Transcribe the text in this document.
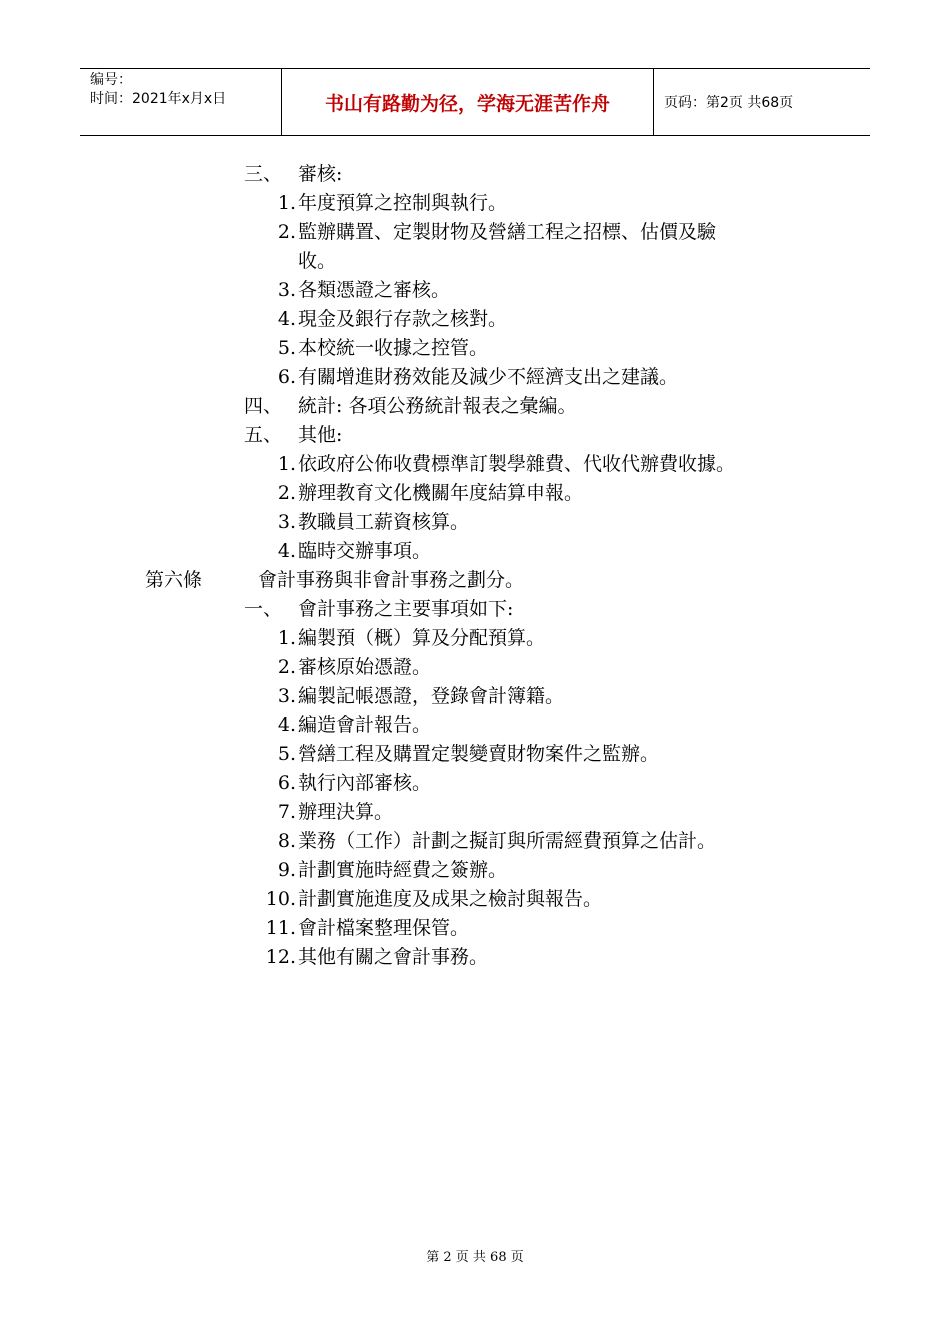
编号：
时间：2021年x月x日	书山有路勤为径，学海无涯苦作舟	页码：第2页 共68页
三、 審核:
1. 年度預算之控制與執行。
2. 監辦購置、定製財物及營繕工程之招標、估價及驗
收。
3. 各類憑證之審核。
4. 現金及銀行存款之核對。
5. 本校統一收據之控管。
6. 有關增進財務效能及減少不經濟支出之建議。
四、 統計: 各項公務統計報表之彙編。
五、 其他:
1. 依政府公佈收費標準訂製學雜費、代收代辦費收據。
2. 辦理教育文化機關年度結算申報。
3. 教職員工薪資核算。
4. 臨時交辦事項。
第六條	會計事務與非會計事務之劃分。
一、 會計事務之主要事項如下:
1. 編製預（概）算及分配預算。
2. 審核原始憑證。
3. 編製記帳憑證，登錄會計簿籍。
4. 編造會計報告。
5. 營繕工程及購置定製變賣財物案件之監辦。
6. 執行內部審核。
7. 辦理決算。
8. 業務（工作）計劃之擬訂與所需經費預算之估計。
9. 計劃實施時經費之簽辦。
10. 計劃實施進度及成果之檢討與報告。
11. 會計檔案整理保管。
12. 其他有關之會計事務。
第 2 页 共 68 页
